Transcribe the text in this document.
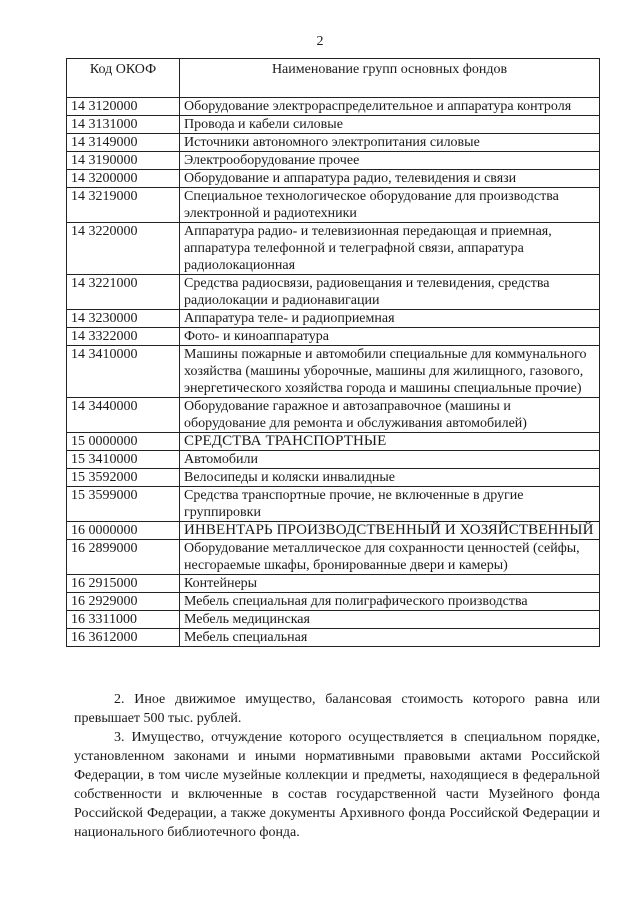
2
Код ОКОФ	Наименование групп основных фондов
14 3120000	Оборудование электрораспределительное и аппаратура контроля
14 3131000	Провода и кабели силовые
14 3149000	Источники автономного электропитания силовые
14 3190000	Электрооборудование прочее
14 3200000	Оборудование и аппаратура радио, телевидения и связи
14 3219000	Специальное технологическое оборудование для производства электронной и радиотехники
14 3220000	Аппаратура радио- и телевизионная передающая и приемная, аппаратура телефонной и телеграфной связи, аппаратура радиолокационная
14 3221000	Средства радиосвязи, радиовещания и телевидения, средства радиолокации и радионавигации
14 3230000	Аппаратура теле- и радиоприемная
14 3322000	Фото- и киноаппаратура
14 3410000	Машины пожарные и автомобили специальные для коммунального хозяйства (машины уборочные, машины для жилищного, газового, энергетического хозяйства города и машины специальные прочие)
14 3440000	Оборудование гаражное и автозаправочное (машины и оборудование для ремонта и обслуживания автомобилей)
15 0000000	СРЕДСТВА ТРАНСПОРТНЫЕ
15 3410000	Автомобили
15 3592000	Велосипеды и коляски инвалидные
15 3599000	Средства транспортные прочие, не включенные в другие группировки
16 0000000	ИНВЕНТАРЬ ПРОИЗВОДСТВЕННЫЙ И ХОЗЯЙСТВЕННЫЙ
16 2899000	Оборудование металлическое для сохранности ценностей (сейфы, несгораемые шкафы, бронированные двери и камеры)
16 2915000	Контейнеры
16 2929000	Мебель специальная для полиграфического производства
16 3311000	Мебель медицинская
16 3612000	Мебель специальная
2. Иное движимое имущество, балансовая стоимость которого равна или превышает 500 тыс. рублей.
3. Имущество, отчуждение которого осуществляется в специальном порядке, установленном законами и иными нормативными правовыми актами Российской Федерации, в том числе музейные коллекции и предметы, находящиеся в федеральной собственности и включенные в состав государственной части Музейного фонда Российской Федерации, а также документы Архивного фонда Российской Федерации и национального библиотечного фонда.
